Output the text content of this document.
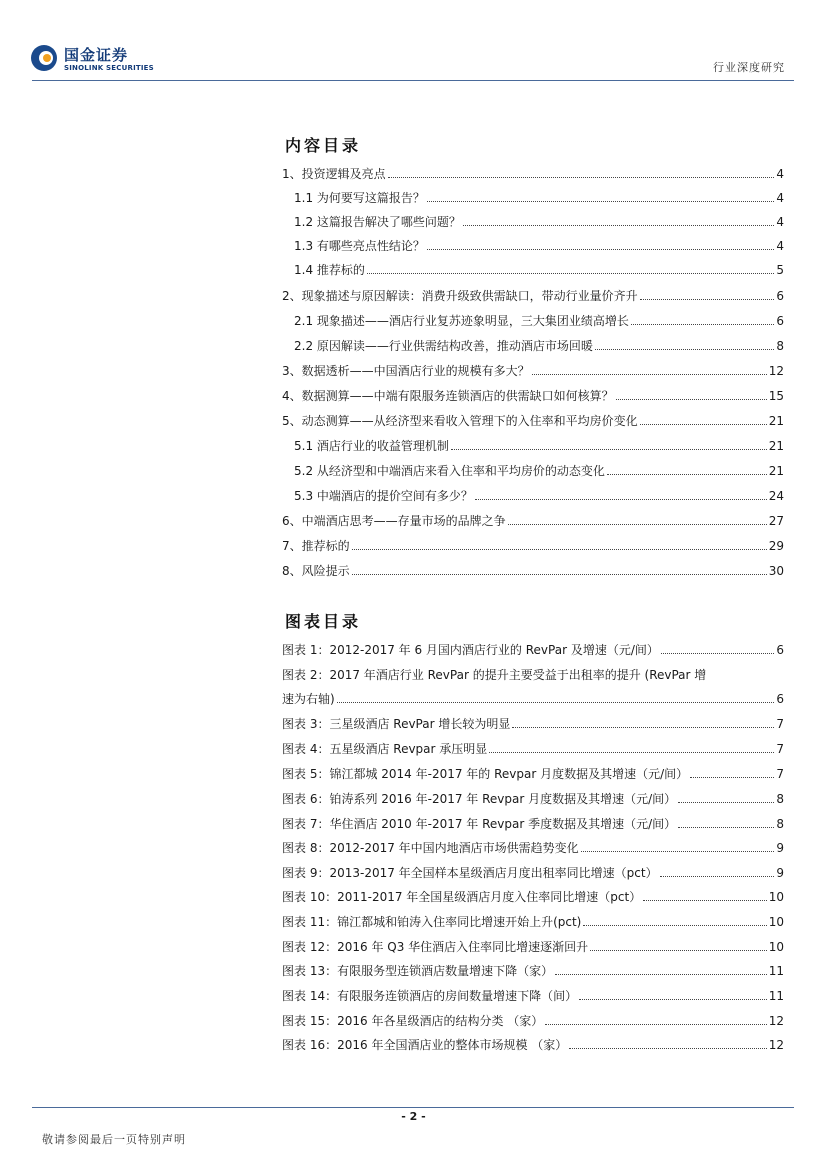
国金证券
SINOLINK SECURITIES	行业深度研究
内容目录
1、投资逻辑及亮点	4
1.1 为何要写这篇报告？	4
1.2 这篇报告解决了哪些问题？	4
1.3 有哪些亮点性结论？	4
1.4 推荐标的	5
2、现象描述与原因解读：消费升级致供需缺口，带动行业量价齐升	6
2.1 现象描述——酒店行业复苏迹象明显，三大集团业绩高增长	6
2.2 原因解读——行业供需结构改善，推动酒店市场回暖	8
3、数据透析——中国酒店行业的规模有多大？	12
4、数据测算——中端有限服务连锁酒店的供需缺口如何核算？	15
5、动态测算——从经济型来看收入管理下的入住率和平均房价变化	21
5.1 酒店行业的收益管理机制	21
5.2 从经济型和中端酒店来看入住率和平均房价的动态变化	21
5.3 中端酒店的提价空间有多少？	24
6、中端酒店思考——存量市场的品牌之争	27
7、推荐标的	29
8、风险提示	30
图表目录
图表 1：2012-2017 年 6 月国内酒店行业的 RevPar 及增速（元/间）	6
图表 2：2017 年酒店行业 RevPar 的提升主要受益于出租率的提升 (RevPar 增
速为右轴)	6
图表 3：三星级酒店 RevPar 增长较为明显	7
图表 4：五星级酒店 Revpar 承压明显	7
图表 5：锦江都城 2014 年-2017 年的 Revpar 月度数据及其增速（元/间）	7
图表 6：铂涛系列 2016 年-2017 年 Revpar 月度数据及其增速（元/间）	8
图表 7：华住酒店 2010 年-2017 年 Revpar 季度数据及其增速（元/间）	8
图表 8：2012-2017 年中国内地酒店市场供需趋势变化	9
图表 9：2013-2017 年全国样本星级酒店月度出租率同比增速（pct）	9
图表 10：2011-2017 年全国星级酒店月度入住率同比增速（pct）	10
图表 11：锦江都城和铂涛入住率同比增速开始上升(pct)	10
图表 12：2016 年 Q3 华住酒店入住率同比增速逐渐回升	10
图表 13：有限服务型连锁酒店数量增速下降（家）	11
图表 14：有限服务连锁酒店的房间数量增速下降（间）	11
图表 15：2016 年各星级酒店的结构分类 （家）	12
图表 16：2016 年全国酒店业的整体市场规模 （家）	12
- 2 -
敬请参阅最后一页特别声明
